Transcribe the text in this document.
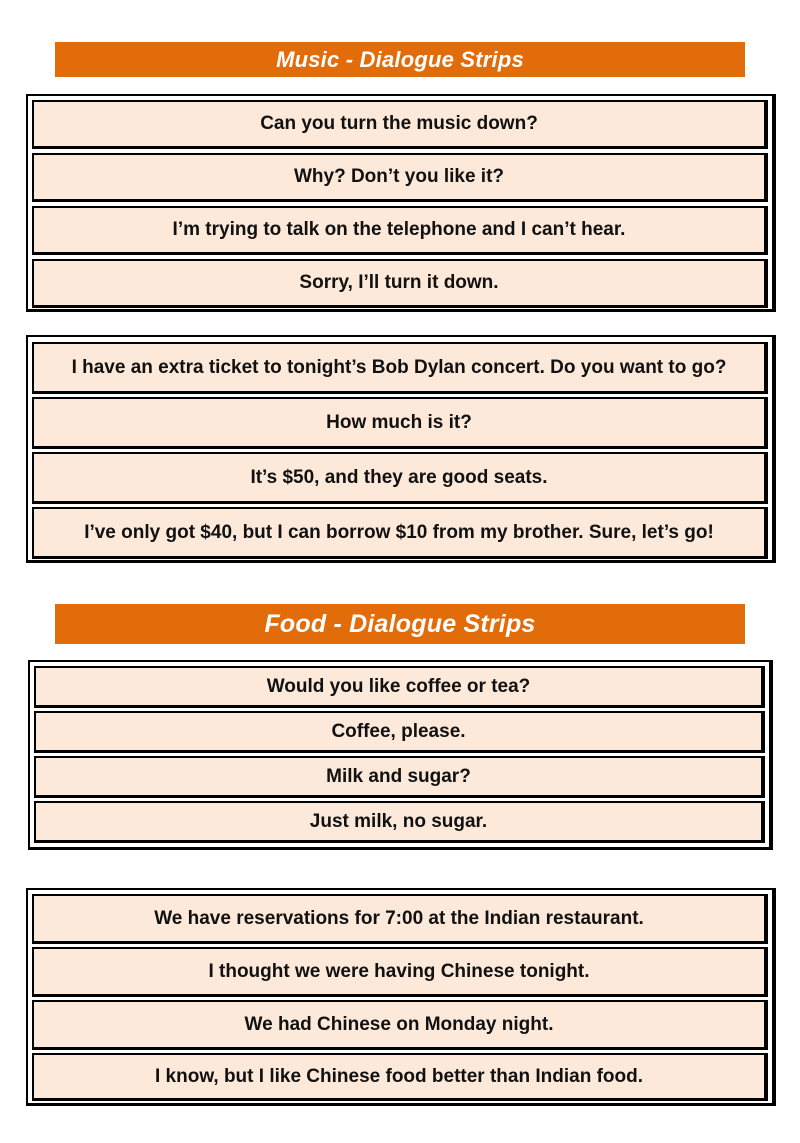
Music - Dialogue Strips
Can you turn the music down?
Why? Don’t you like it?
I’m trying to talk on the telephone and I can’t hear.
Sorry, I’ll turn it down.
I have an extra ticket to tonight’s Bob Dylan concert. Do you want to go?
How much is it?
It’s $50, and they are good seats.
I’ve only got $40, but I can borrow $10 from my brother. Sure, let’s go!
Food - Dialogue Strips
Would you like coffee or tea?
Coffee, please.
Milk and sugar?
Just milk, no sugar.
We have reservations for 7:00 at the Indian restaurant.
I thought we were having Chinese tonight.
We had Chinese on Monday night.
I know, but I like Chinese food better than Indian food.
